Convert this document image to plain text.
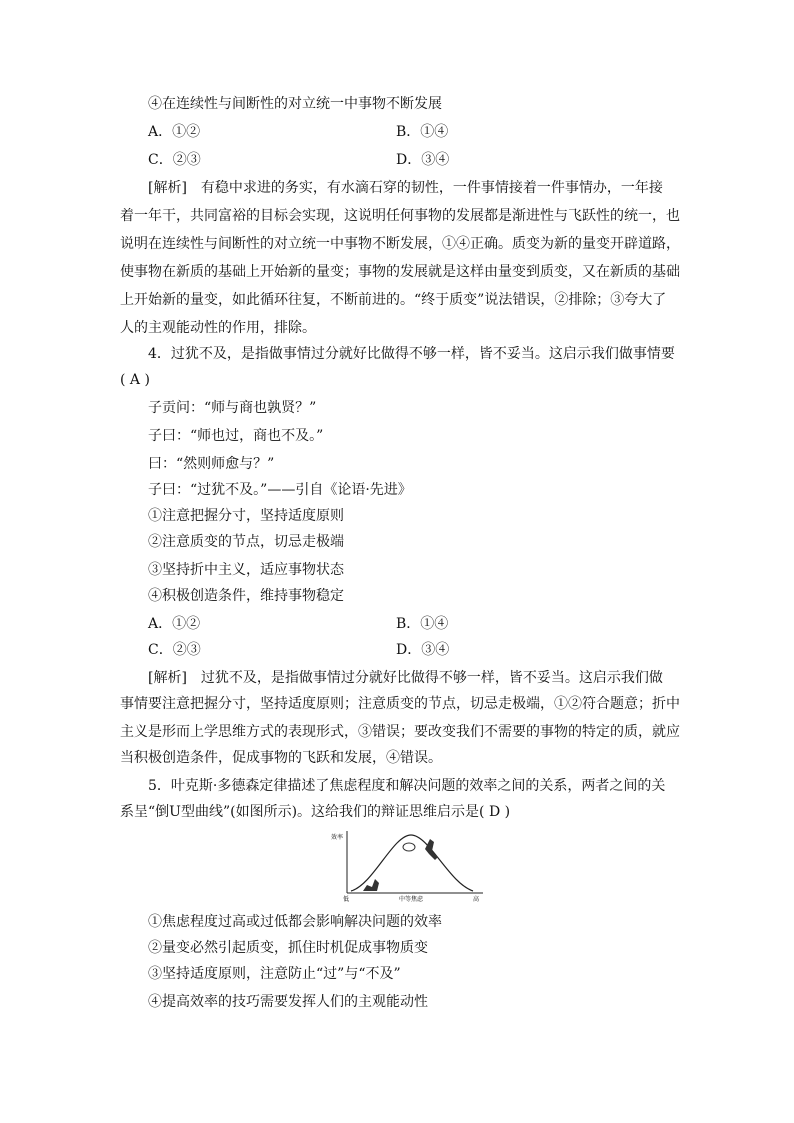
④在连续性与间断性的对立统一中事物不断发展
A．①②	B．①④
C．②③	D．③④
[解析]　有稳中求进的务实，有水滴石穿的韧性，一件事情接着一件事情办，一年接
着一年干，共同富裕的目标会实现，这说明任何事物的发展都是渐进性与飞跃性的统一，也
说明在连续性与间断性的对立统一中事物不断发展，①④正确。质变为新的量变开辟道路，
使事物在新质的基础上开始新的量变；事物的发展就是这样由量变到质变，又在新质的基础
上开始新的量变，如此循环往复，不断前进的。“终于质变”说法错误，②排除；③夸大了
人的主观能动性的作用，排除。
4．过犹不及，是指做事情过分就好比做得不够一样，皆不妥当。这启示我们做事情要
( A )
子贡问：“师与商也孰贤？”
子曰：“师也过，商也不及。”
曰：“然则师愈与？”
子曰：“过犹不及。”——引自《论语·先进》
①注意把握分寸，坚持适度原则
②注意质变的节点，切忌走极端
③坚持折中主义，适应事物状态
④积极创造条件，维持事物稳定
A．①②	B．①④
C．②③	D．③④
[解析]　过犹不及，是指做事情过分就好比做得不够一样，皆不妥当。这启示我们做
事情要注意把握分寸，坚持适度原则；注意质变的节点，切忌走极端，①②符合题意；折中
主义是形而上学思维方式的表现形式，③错误；要改变我们不需要的事物的特定的质，就应
当积极创造条件，促成事物的飞跃和发展，④错误。
5．叶克斯·多德森定律描述了焦虑程度和解决问题的效率之间的关系，两者之间的关
系呈“倒U型曲线”(如图所示)。这给我们的辩证思维启示是( D )
效率
低	中等焦虑	高
①焦虑程度过高或过低都会影响解决问题的效率
②量变必然引起质变，抓住时机促成事物质变
③坚持适度原则，注意防止“过”与“不及”
④提高效率的技巧需要发挥人们的主观能动性
